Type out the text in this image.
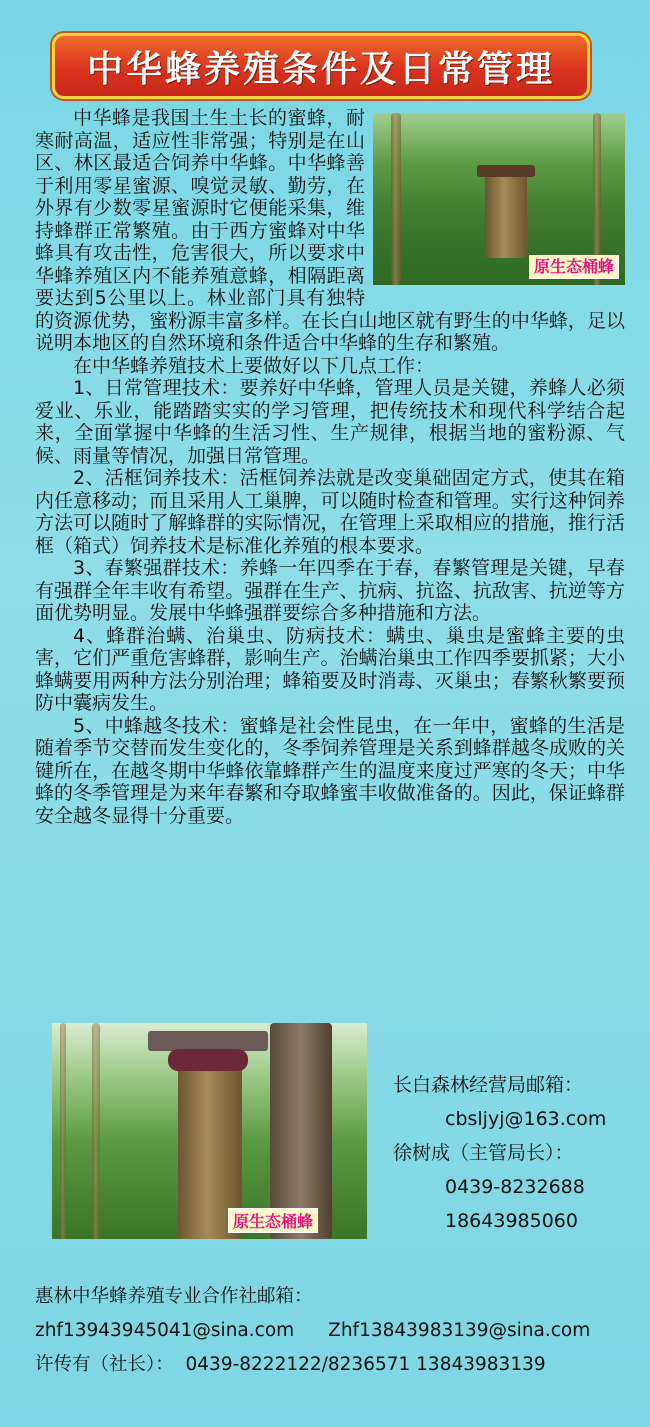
中华蜂养殖条件及日常管理
原生态桶蜂

中华蜂是我国土生土长的蜜蜂，耐寒耐高温，适应性非常强；特别是在山区、林区最适合饲养中华蜂。中华蜂善于利用零星蜜源、嗅觉灵敏、勤劳，在外界有少数零星蜜源时它便能采集，维持蜂群正常繁殖。由于西方蜜蜂对中华蜂具有攻击性，危害很大，所以要求中华蜂养殖区内不能养殖意蜂，相隔距离要达到5公里以上。林业部门具有独特的资源优势，蜜粉源丰富多样。在长白山地区就有野生的中华蜂，足以说明本地区的自然环境和条件适合中华蜂的生存和繁殖。

在中华蜂养殖技术上要做好以下几点工作：

1、日常管理技术：要养好中华蜂，管理人员是关键，养蜂人必须爱业、乐业，能踏踏实实的学习管理，把传统技术和现代科学结合起来，全面掌握中华蜂的生活习性、生产规律，根据当地的蜜粉源、气候、雨量等情况，加强日常管理。

2、活框饲养技术：活框饲养法就是改变巢础固定方式，使其在箱内任意移动；而且采用人工巢脾，可以随时检查和管理。实行这种饲养方法可以随时了解蜂群的实际情况，在管理上采取相应的措施，推行活框（箱式）饲养技术是标准化养殖的根本要求。

3、春繁强群技术：养蜂一年四季在于春，春繁管理是关键，早春有强群全年丰收有希望。强群在生产、抗病、抗盗、抗敌害、抗逆等方面优势明显。发展中华蜂强群要综合多种措施和方法。

4、蜂群治螨、治巢虫、防病技术：螨虫、巢虫是蜜蜂主要的虫害，它们严重危害蜂群，影响生产。治螨治巢虫工作四季要抓紧；大小蜂螨要用两种方法分别治理；蜂箱要及时消毒、灭巢虫；春繁秋繁要预防中囊病发生。

5、中蜂越冬技术：蜜蜂是社会性昆虫，在一年中，蜜蜂的生活是随着季节交替而发生变化的，冬季饲养管理是关系到蜂群越冬成败的关键所在，在越冬期中华蜂依靠蜂群产生的温度来度过严寒的冬天；中华蜂的冬季管理是为来年春繁和夺取蜂蜜丰收做准备的。因此，保证蜂群安全越冬显得十分重要。

原生态桶蜂
长白森林经营局邮箱：
cbsljyj@163.com
徐树成（主管局长）：
0439-8232688
18643985060
惠林中华蜂养殖专业合作社邮箱：
zhf13943945041@sina.com Zhf13843983139@sina.com
许传有（社长）：  0439-8222122/8236571 13843983139
